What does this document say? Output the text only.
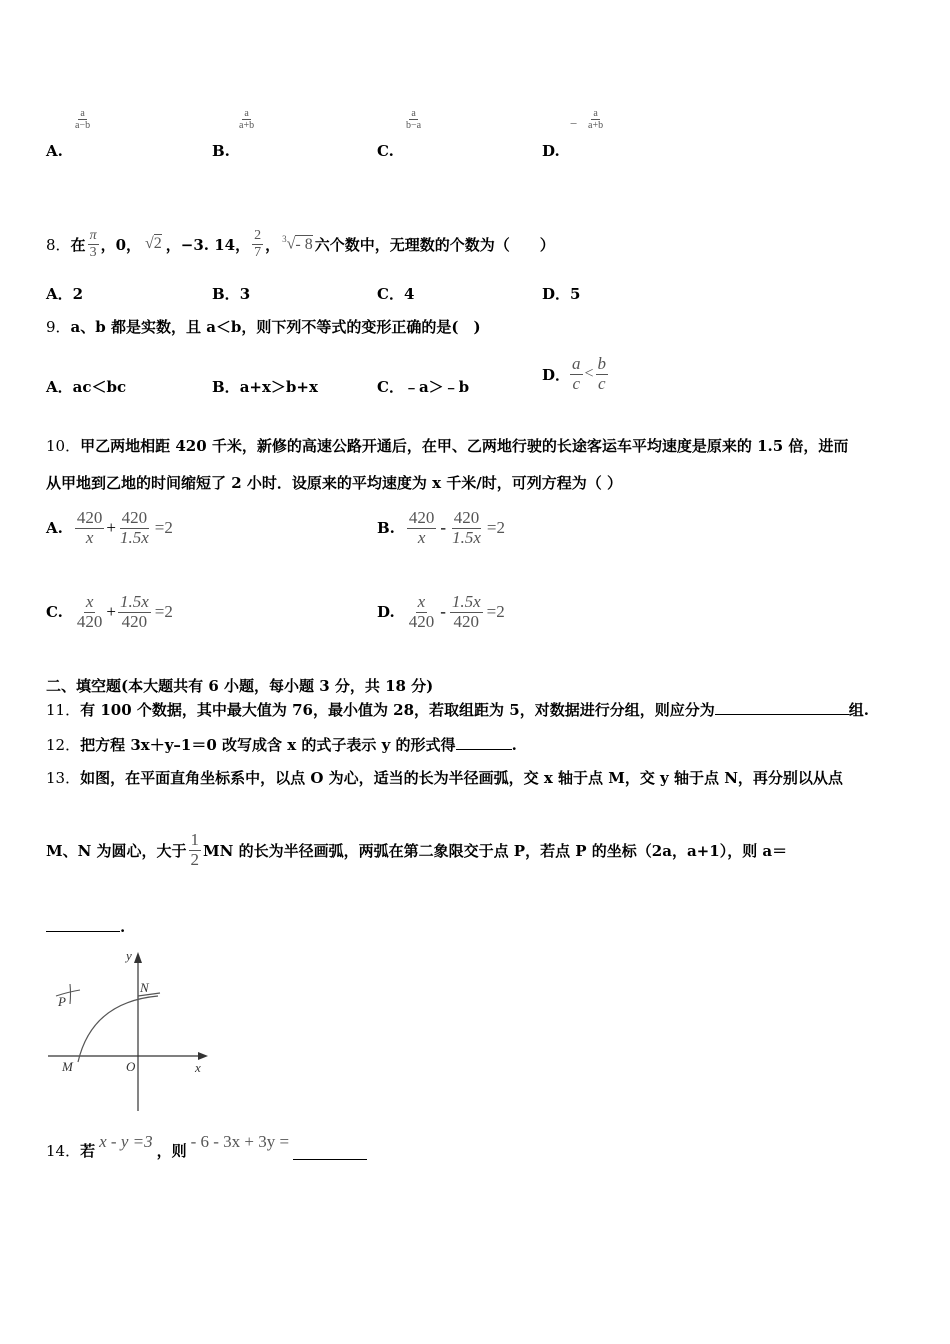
A.
$\frac{a}{a-b}$
B.
$\frac{a}{a+b}$
C.
$\frac{a}{b-a}$
D.
− $\frac{a}{a+b}$
8． 在 $\frac{\pi}{3}$ ，0， √2 ，−3. 14， $\frac{2}{7}$ ， $^3$√- 8 六个数中，无理数的个数为（　　）
A．2	B．3	C．4	D．5
9．a、b 都是实数，且 a＜b，则下列不等式的变形正确的是(　)
A．ac＜bc	B．a+x＞b+x	C．﹣a＞﹣b
D． $\frac{a}{c} < \frac{b}{c}$
10．甲乙两地相距 420 千米，新修的高速公路开通后，在甲、乙两地行驶的长途客运车平均速度是原来的 1.5 倍，进而
从甲地到乙地的时间缩短了 2 小时．设原来的平均速度为 x 千米/时，可列方程为（ ）
A. $\frac{420}{x} + \frac{420}{1.5x} =2$	B. $\frac{420}{x} - \frac{420}{1.5x} =2$
C. $\frac{x}{420} + \frac{1.5x}{420} =2$	D. $\frac{x}{420} - \frac{1.5x}{420} =2$
二、填空题(本大题共有 6 小题，每小题 3 分，共 18 分)
11．有 100 个数据，其中最大值为 76，最小值为 28，若取组距为 5，对数据进行分组，则应分为	组.
12．把方程 3x＋y–1＝0 改写成含 x 的式子表示 y 的形式得	.
13．如图，在平面直角坐标系中，以点 O 为心，适当的长为半径画弧，交 x 轴于点 M，交 y 轴于点 N，再分别以从点
M、N 为圆心，大于 $\frac{1}{2}$ MN 的长为半径画弧，两弧在第二象限交于点 P，若点 P 的坐标（2a，a+1），则 a＝
.
y
N
P
M	O	x
14． 若 x - y =3 ，则 - 6 - 3x + 3y =
